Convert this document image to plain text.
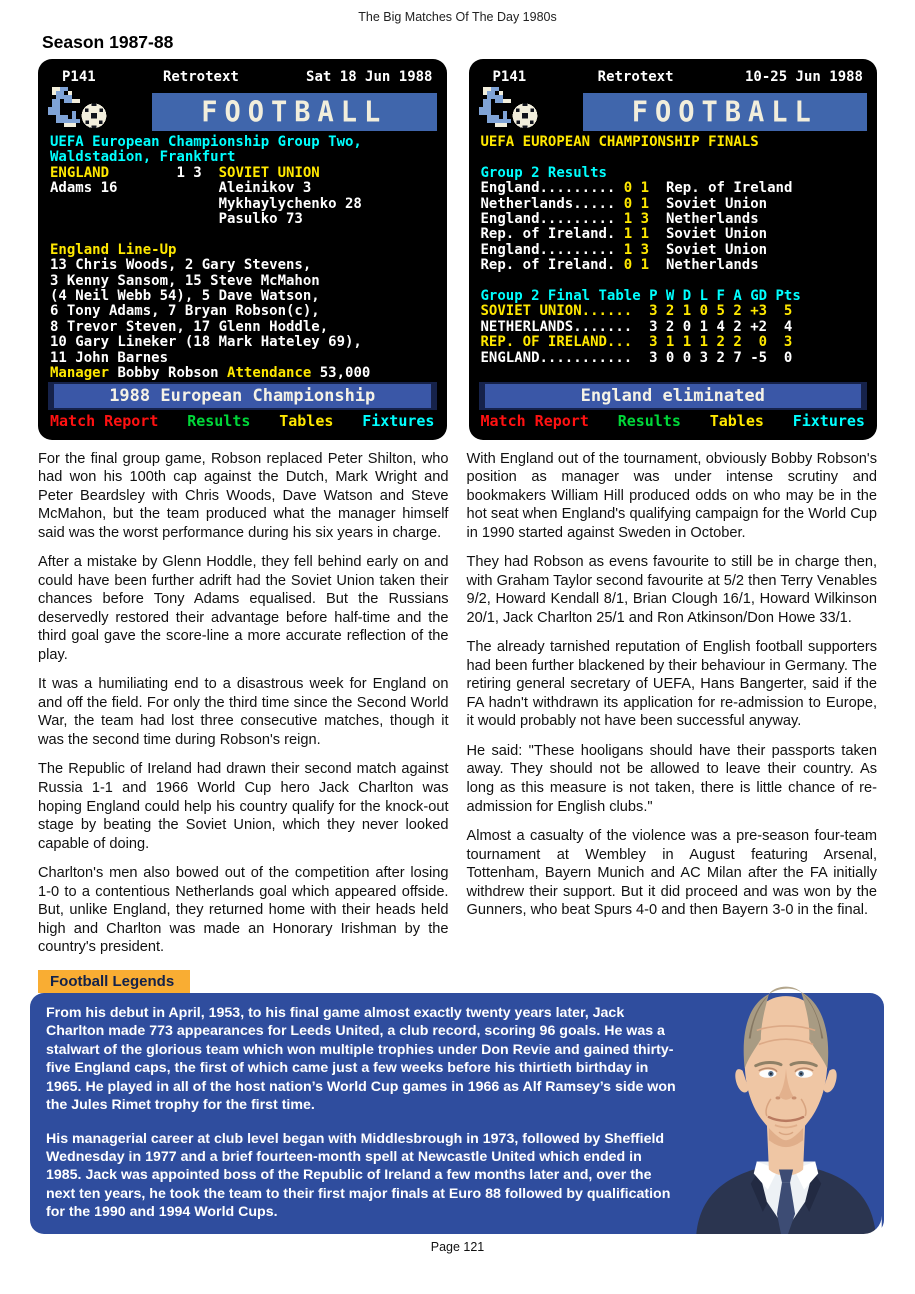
The Big Matches Of The Day 1980s
Season 1987-88
P141	Retrotext	Sat 18 Jun 1988
FOOTBALL
UEFA European Championship Group Two,
Waldstadion, Frankfurt
ENGLAND        1 3  SOVIET UNION
Adams 16            Aleinikov 3
Mykhaylychenko 28
Pasulko 73

England Line-Up
13 Chris Woods, 2 Gary Stevens,
3 Kenny Sansom, 15 Steve McMahon
(4 Neil Webb 54), 5 Dave Watson,
6 Tony Adams, 7 Bryan Robson(c),
8 Trevor Steven, 17 Glenn Hoddle,
10 Gary Lineker (18 Mark Hateley 69),
11 John Barnes
Manager Bobby Robson Attendance 53,000
1988 European Championship
Match Report Results Tables Fixtures
P141	Retrotext	10-25 Jun 1988
FOOTBALL
UEFA EUROPEAN CHAMPIONSHIP FINALS

Group 2 Results
England......... 0 1  Rep. of Ireland
Netherlands..... 0 1  Soviet Union
England......... 1 3  Netherlands
Rep. of Ireland. 1 1  Soviet Union
England......... 1 3  Soviet Union
Rep. of Ireland. 0 1  Netherlands

Group 2 Final Table P W D L F A GD Pts
SOVIET UNION......  3 2 1 0 5 2 +3  5
NETHERLANDS.......  3 2 0 1 4 2 +2  4
REP. OF IRELAND...  3 1 1 1 2 2  0  3
ENGLAND...........  3 0 0 3 2 7 -5  0
England eliminated
Match Report Results Tables Fixtures

For the final group game, Robson replaced Peter Shilton, who had won his 100th cap against the Dutch, Mark Wright and Peter Beardsley with Chris Woods, Dave Watson and Steve McMahon, but the team produced what the manager himself said was the worst performance during his six years in charge.

After a mistake by Glenn Hoddle, they fell behind early on and could have been further adrift had the Soviet Union taken their chances before Tony Adams equalised. But the Russians deservedly restored their advantage before half-time and the third goal gave the score-line a more accurate reflection of the play.

It was a humiliating end to a disastrous week for England on and off the field. For only the third time since the Second World War, the team had lost three consecutive matches, though it was the second time during Robson's reign.

The Republic of Ireland had drawn their second match against Russia 1-1 and 1966 World Cup hero Jack Charlton was hoping England could help his country qualify for the knock-out stage by beating the Soviet Union, which they never looked capable of doing.

Charlton's men also bowed out of the competition after losing 1-0 to a contentious Netherlands goal which appeared offside. But, unlike England, they returned home with their heads held high and Charlton was made an Honorary Irishman by the country's president.

With England out of the tournament, obviously Bobby Robson's position as manager was under intense scrutiny and bookmakers William Hill produced odds on who may be in the hot seat when England's qualifying campaign for the World Cup in 1990 started against Sweden in October.

They had Robson as evens favourite to still be in charge then, with Graham Taylor second favourite at 5/2 then Terry Venables 9/2, Howard Kendall 8/1, Brian Clough 16/1, Howard Wilkinson 20/1, Jack Charlton 25/1 and Ron Atkinson/Don Howe 33/1.

The already tarnished reputation of English football supporters had been further blackened by their behaviour in Germany. The retiring general secretary of UEFA, Hans Bangerter, said if the FA hadn't withdrawn its application for re-admission to Europe, it would probably not have been successful anyway.

He said: "These hooligans should have their passports taken away. They should not be allowed to leave their country. As long as this measure is not taken, there is little chance of re-admission for English clubs."

Almost a casualty of the violence was a pre-season four-team tournament at Wembley in August featuring Arsenal, Tottenham, Bayern Munich and AC Milan after the FA initially withdrew their support. But it did proceed and was won by the Gunners, who beat Spurs 4-0 and then Bayern 3-0 in the final.

Football Legends

From his debut in April, 1953, to his final game almost exactly twenty years later, Jack Charlton made 773 appearances for Leeds United, a club record, scoring 96 goals. He was a stalwart of the glorious team which won multiple trophies under Don Revie and gained thirty-five England caps, the first of which came just a few weeks before his thirtieth birthday in 1965. He played in all of the host nation’s World Cup games in 1966 as Alf Ramsey’s side won the Jules Rimet trophy for the first time.

His managerial career at club level began with Middlesbrough in 1973, followed by Sheffield Wednesday in 1977 and a brief fourteen-month spell at Newcastle United which ended in 1985. Jack was appointed boss of the Republic of Ireland a few months later and, over the next ten years, he took the team to their first major finals at Euro 88 followed by qualification for the 1990 and 1994 World Cups.

Page 121
